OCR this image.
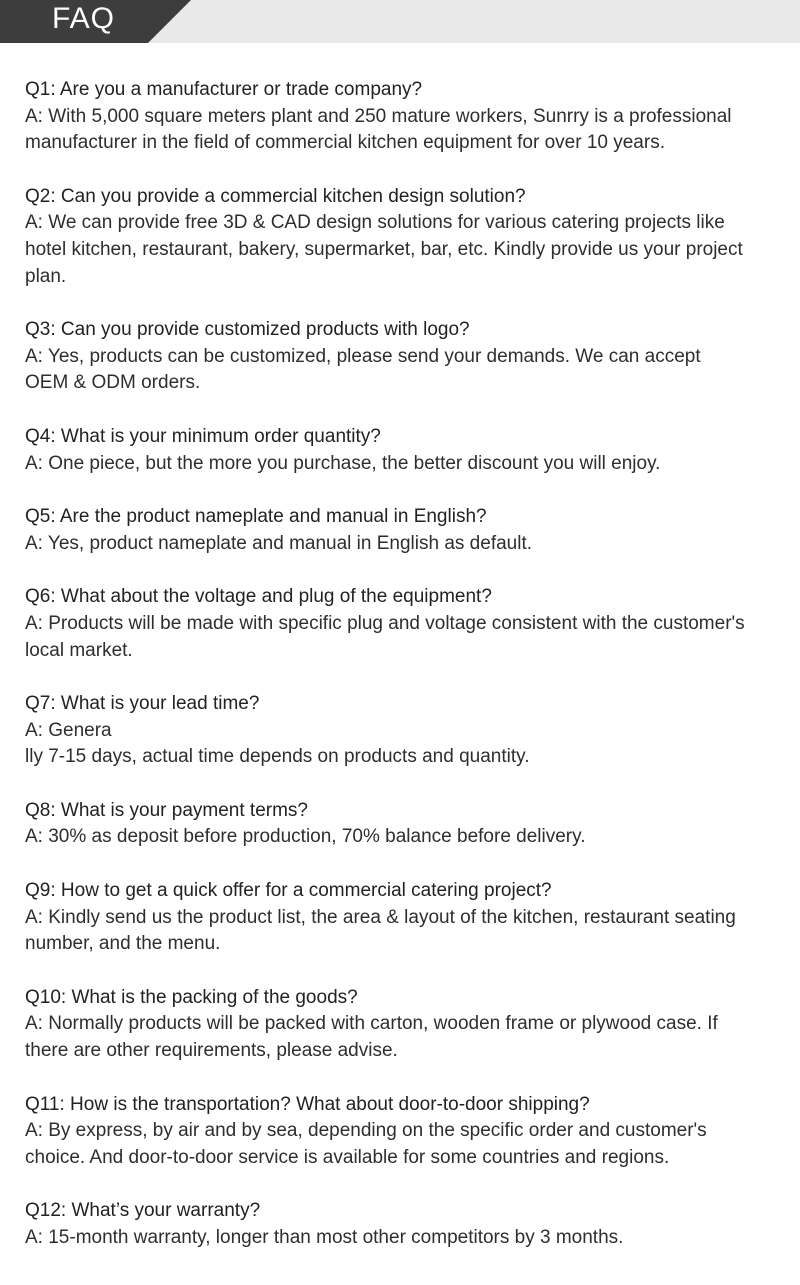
FAQ
Q1: Are you a manufacturer or trade company?
A: With 5,000 square meters plant and 250 mature workers, Sunrry is a professional
manufacturer in the field of commercial kitchen equipment for over 10 years.
Q2: Can you provide a commercial kitchen design solution?
A: We can provide free 3D & CAD design solutions for various catering projects like
hotel kitchen, restaurant, bakery, supermarket, bar, etc. Kindly provide us your project
plan.
Q3: Can you provide customized products with logo?
A: Yes, products can be customized, please send your demands. We can accept
OEM & ODM orders.
Q4: What is your minimum order quantity?
A: One piece, but the more you purchase, the better discount you will enjoy.
Q5: Are the product nameplate and manual in English?
A: Yes, product nameplate and manual in English as default.
Q6: What about the voltage and plug of the equipment?
A: Products will be made with specific plug and voltage consistent with the customer's
local market.
Q7: What is your lead time?
A: Genera
lly 7-15 days, actual time depends on products and quantity.
Q8: What is your payment terms?
A: 30% as deposit before production, 70% balance before delivery.
Q9: How to get a quick offer for a commercial catering project?
A: Kindly send us the product list, the area & layout of the kitchen, restaurant seating
number, and the menu.
Q10: What is the packing of the goods?
A: Normally products will be packed with carton, wooden frame or plywood case. If
there are other requirements, please advise.
Q11: How is the transportation? What about door-to-door shipping?
A: By express, by air and by sea, depending on the specific order and customer's
choice. And door-to-door service is available for some countries and regions.
Q12: What’s your warranty?
A: 15-month warranty, longer than most other competitors by 3 months.
